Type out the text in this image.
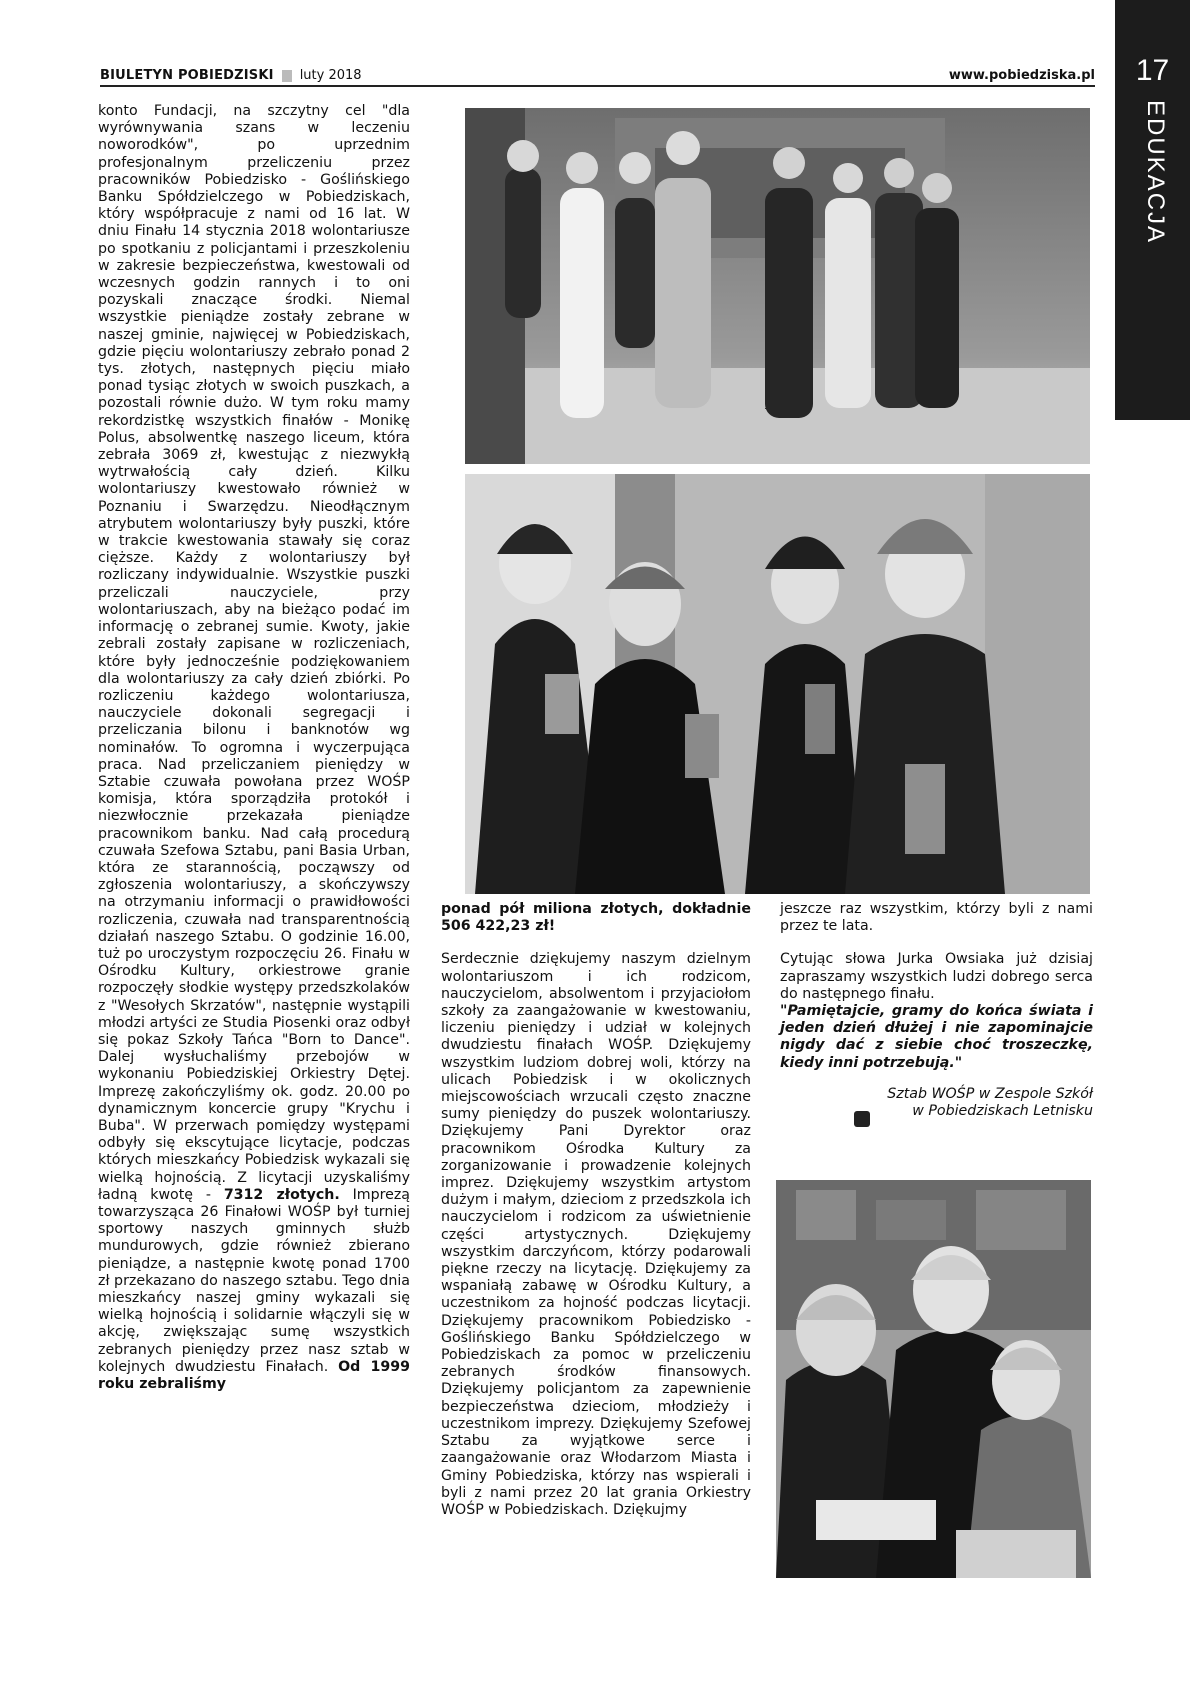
BIULETYN POBIEDZISKI luty 2018	www.pobiedziska.pl	17
EDUKACJA

konto Fundacji, na szczytny cel "dla wyrównywania szans w leczeniu noworodków", po uprzednim profesjonalnym przeliczeniu przez pracowników Pobiedzisko - Goślińskiego Banku Spółdzielczego w Pobiedziskach, który współpracuje z nami od 16 lat. W dniu Finału 14 stycznia 2018 wolontariusze po spotkaniu z policjantami i przeszkoleniu w zakresie bezpieczeństwa, kwestowali od wczesnych godzin rannych i to oni pozyskali znaczące środki. Niemal wszystkie pieniądze zostały zebrane w naszej gminie, najwięcej w Pobiedziskach, gdzie pięciu wolontariuszy zebrało ponad 2 tys. złotych, następnych pięciu miało ponad tysiąc złotych w swoich puszkach, a pozostali równie dużo. W tym roku mamy rekordzistkę wszystkich finałów - Monikę Polus, absolwentkę naszego liceum, która zebrała 3069 zł, kwestując z niezwykłą wytrwałością cały dzień. Kilku wolontariuszy kwestowało również w Poznaniu i Swarzędzu. Nieodłącznym atrybutem wolontariuszy były puszki, które w trakcie kwestowania stawały się coraz cięższe. Każdy z wolontariuszy był rozliczany indywidualnie. Wszystkie puszki przeliczali nauczyciele, przy wolontariuszach, aby na bieżąco podać im informację o zebranej sumie. Kwoty, jakie zebrali zostały zapisane w rozliczeniach, które były jednocześnie podziękowaniem dla wolontariuszy za cały dzień zbiórki. Po rozliczeniu każdego wolontariusza, nauczyciele dokonali segregacji i przeliczania bilonu i banknotów wg nominałów. To ogromna i wyczerpująca praca. Nad przeliczaniem pieniędzy w Sztabie czuwała powołana przez WOŚP komisja, która sporządziła protokół i niezwłocznie przekazała pieniądze pracownikom banku. Nad całą procedurą czuwała Szefowa Sztabu, pani Basia Urban, która ze starannością, począwszy od zgłoszenia wolontariuszy, a skończywszy na otrzymaniu informacji o prawidłowości rozliczenia, czuwała nad transparentnością działań naszego Sztabu. O godzinie 16.00, tuż po uroczystym rozpoczęciu 26. Finału w Ośrodku Kultury, orkiestrowe granie rozpoczęły słodkie występy przedszkolaków z "Wesołych Skrzatów", następnie wystąpili młodzi artyści ze Studia Piosenki oraz odbył się pokaz Szkoły Tańca "Born to Dance". Dalej wysłuchaliśmy przebojów w wykonaniu Pobiedziskiej Orkiestry Dętej. Imprezę zakończyliśmy ok. godz. 20.00 po dynamicznym koncercie grupy "Krychu i Buba". W przerwach pomiędzy występami odbyły się ekscytujące licytacje, podczas których mieszkańcy Pobiedzisk wykazali się wielką hojnością. Z licytacji uzyskaliśmy ładną kwotę - 7312 złotych. Imprezą towarzysząca 26 Finałowi WOŚP był turniej sportowy naszych gminnych służb mundurowych, gdzie również zbierano pieniądze, a następnie kwotę ponad 1700 zł przekazano do naszego sztabu. Tego dnia mieszkańcy naszej gminy wykazali się wielką hojnością i solidarnie włączyli się w akcję, zwiększając sumę wszystkich zebranych pieniędzy przez nasz sztab w kolejnych dwudziestu Finałach. Od 1999 roku zebraliśmy

ponad pół miliona złotych, dokładnie 506 422,23 zł!

Serdecznie dziękujemy naszym dzielnym wolontariuszom i ich rodzicom, nauczycielom, absolwentom i przyjaciołom szkoły za zaangażowanie w kwestowaniu, liczeniu pieniędzy i udział w kolejnych dwudziestu finałach WOŚP. Dziękujemy wszystkim ludziom dobrej woli, którzy na ulicach Pobiedzisk i w okolicznych miejscowościach wrzucali często znaczne sumy pieniędzy do puszek wolontariuszy. Dziękujemy Pani Dyrektor oraz pracownikom Ośrodka Kultury za zorganizowanie i prowadzenie kolejnych imprez. Dziękujemy wszystkim artystom dużym i małym, dzieciom z przedszkola ich nauczycielom i rodzicom za uświetnienie części artystycznych. Dziękujemy wszystkim darczyńcom, którzy podarowali piękne rzeczy na licytację. Dziękujemy za wspaniałą zabawę w Ośrodku Kultury, a uczestnikom za hojność podczas licytacji. Dziękujemy pracownikom Pobiedzisko - Goślińskiego Banku Spółdzielczego w Pobiedziskach za pomoc w przeliczeniu zebranych środków finansowych. Dziękujemy policjantom za zapewnienie bezpieczeństwa dzieciom, młodzieży i uczestnikom imprezy. Dziękujemy Szefowej Sztabu za wyjątkowe serce i zaangażowanie oraz Włodarzom Miasta i Gminy Pobiedziska, którzy nas wspierali i byli z nami przez 20 lat grania Orkiestry WOŚP w Pobiedziskach. Dziękujmy

jeszcze raz wszystkim, którzy byli z nami przez te lata.

Cytując słowa Jurka Owsiaka już dzisiaj zapraszamy wszystkich ludzi dobrego serca do następnego finału.

"Pamiętajcie, gramy do końca świata i jeden dzień dłużej i nie zapominajcie nigdy dać z siebie choć troszeczkę, kiedy inni potrzebują."

Sztab WOŚP w Zespole Szkół
w Pobiedziskach Letnisku
